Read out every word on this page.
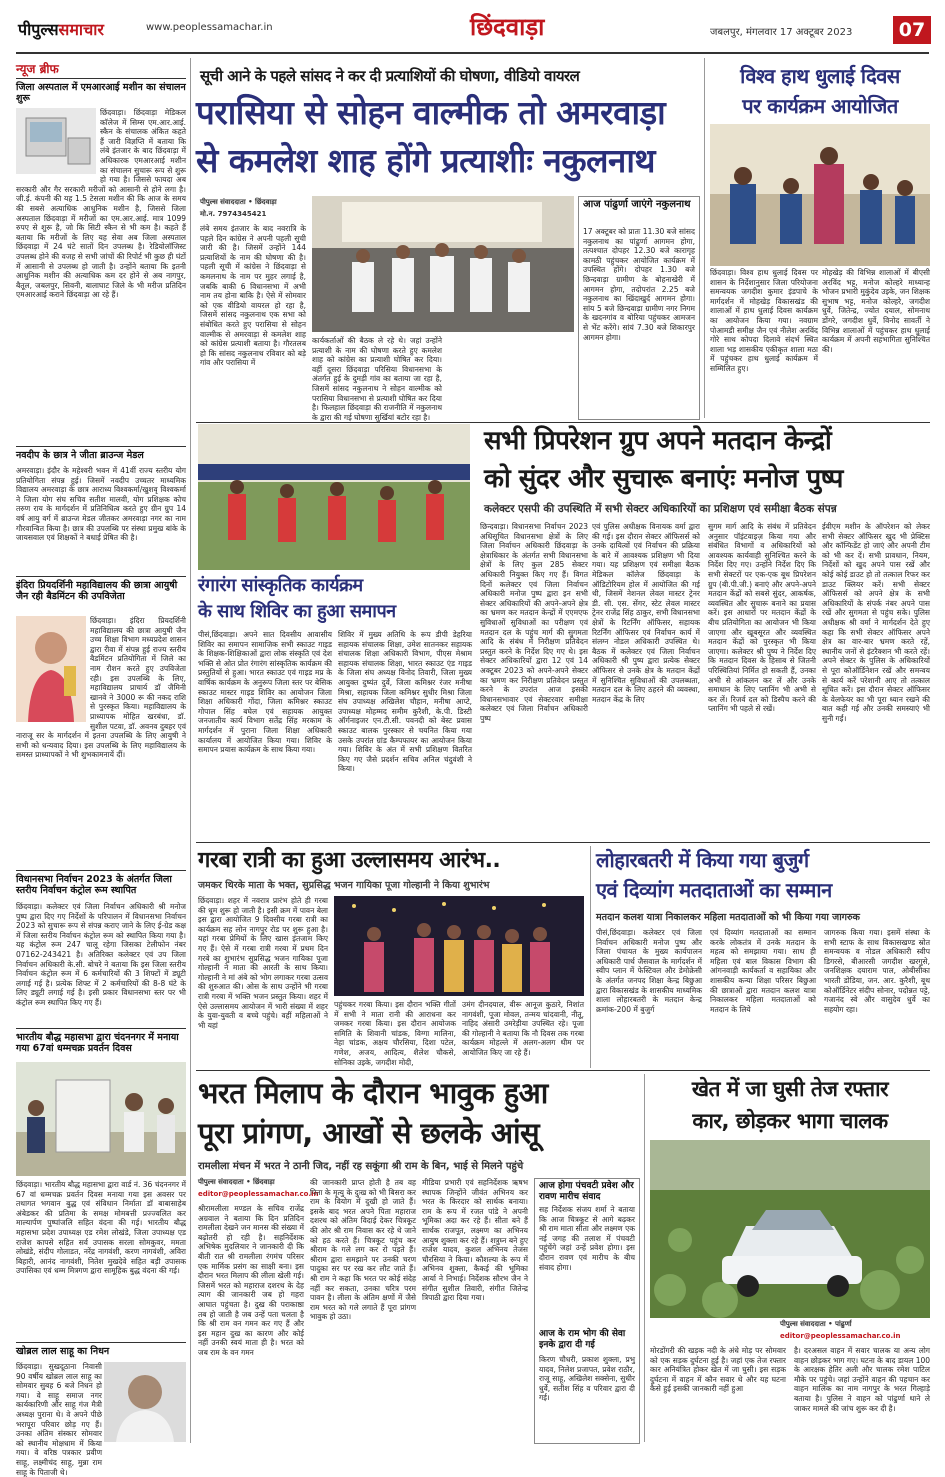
पीपुल्ससमाचार	www.peoplessamachar.in	छिंदवाड़ा	जबलपुर, मंगलवार 17 अक्टूबर 2023	07
न्यूज ब्रीफ
जिला अस्पताल में एमआरआई मशीन का संचालन शुरू
छिंदवाड़ा। छिंदवाड़ा मेडिकल कॉलेज में सिम्स एम.आर.आई. स्कैन के संचालक अंकित कहते हैं जारी विज्ञप्ति में बताया कि लंबे इंतजार के बाद छिंदवाड़ा में अधिकारक एमआरआई मशीन का संचालन सुचारू रूप से शुरू हो गया है। जिससे फायदा अब सरकारी और गैर सरकारी मरीजों को आसानी से होने लगा है। जी.ई. कंपनी की यह 1.5 टेसला मशीन की कि आज के समय की सबसे अत्याधिक आधुनिक मशीन है, जिससे जिला अस्पताल छिंदवाड़ा में मरीजों का एम.आर.आई. मात्र 1099 रुपए से शुरू है, जो कि सिटी स्कैन से भी कम है। कहते हैं बताया कि मरीजों के लिए यह सेवा अब जिला अस्पताल छिंदवाड़ा में 24 घंटे सातों दिन उपलब्ध है। रेडियोलॉजिस्ट उपलब्ध होने की वजह से सभी जांचों की रिपोर्ट भी कुछ ही घंटों में आसानी से उपलब्ध हो जाती है। उन्होंने बताया कि इतनी आधुनिक मशीन की अत्याधिक कम दर होने से अब नागपुर, बैतूल, जबलपुर, सिवनी, बालाघाट जिले के भी मरीज प्रतिदिन एमआरआई कराने छिंदवाड़ा आ रहे हैं।
नवदीप के छात्र ने जीता ब्राउन्ज मेडल
अमरवाड़ा। इंदौर के महेश्वरी भवन में 41वीं राज्य स्तरीय योग प्रतियोगिता संपन्न हुई। जिसमें नवदीप उच्चतर माध्यमिक विद्यालय अमरवाड़ा के छात्र आराध्य विश्वकर्मा/खुशवृ विश्वकर्मा ने जिला योग संघ सचिव सतीश मालवी, योग प्रशिक्षक कोच तरुण राय के मार्गदर्शन में प्रतिनिधित्व करते हुए ग्रीन ग्रुप 14 वर्ष आयु वर्ग में ब्राउन्ज मेडल जीतकर अमरवाड़ा नगर का नाम गौरवान्वित किया है। छात्र की उपलब्धि पर संस्था प्रमुख बांके के जायसवाल एवं शिक्षकों ने बधाई प्रेषित की है।
इंदिरा प्रियदर्शिनी महाविद्यालय की छात्रा आयुषी जैन रही बैडमिंटन की उपविजेता
छिंदवाड़ा। इंदिरा प्रियदर्शिनी महाविद्यालय की छात्रा आयुषी जैन उच्च शिक्षा विभाग मध्यप्रदेश शासन द्वारा रीवा में संपन्न हुई राज्य स्तरीय बैडमिंटन प्रतियोगिता में जिले का नाम रौशन करते हुए उपविजेता रही। इस उपलब्धि के लिए, महाविद्यालय प्राचार्य डॉ जैमिनी खानवे ने 3000 रू की नकद राशि से पुरस्कृत किया। महाविद्यालय के प्राध्यापक मोहित खरबंधा, डॉ. सुशील पटवा, डॉ. अवनव दुबहर एवं नाराजू सर के मार्गदर्शन में इतना उपलब्धि के लिए आयुषी ने सभी को धन्यवाद दिया। इस उपलब्धि के लिए महाविद्यालय के समस्त प्राध्यापकों ने भी शुभकामनायें दीं।
विधानसभा निर्वाचन 2023 के अंतर्गत जिला स्तरीय निर्वाचन कंट्रोल रूम स्थापित
छिंदवाड़ा। कलेक्टर एवं जिला निर्वाचन अधिकारी श्री मनोज पुष्प द्वारा दिए गए निर्देशों के परिपालन में विधानसभा निर्वाचन 2023 को सुचारू रूप से संपन्न कराए जाने के लिए ई-ग्रेड कक्ष में जिला स्तरीय निर्वाचन कंट्रोल रूम को स्थापित किया गया है। यह कंट्रोल रूम 247 चालू रहेगा जिसका टेलीफोन नंबर 07162-243421 है। अतिरिक्त कलेक्टर एवं उप जिला निर्वाचन अधिकारी के.सी. बोचरे ने बताया कि इस जिला स्तरीय निर्वाचन कंट्रोल रूम में 6 कर्मचारियों की 3 शिफ्टों में ड्यूटी लगाई गई है। प्रत्येक शिफ्ट में 2 कर्मचारियों की 8-8 घंटे के लिए ड्यूटी लगाई गई है। इसी प्रकार विधानसभा स्तर पर भी कंट्रोल रूम स्थापित किए गए हैं।
भारतीय बौद्ध महासभा द्वारा चंदननगर में मनाया गया 67वां धम्मचक्र प्रवर्तन दिवस
छिंदवाड़ा। भारतीय बौद्ध महासभा द्वारा वार्ड नं. 36 चंदननगर में 67 वां धम्मचक्र प्रवर्तन दिवस मनाया गया इस अवसर पर तथागत भगवान बुद्ध एवं संविधान निर्माता डॉ बाबासाहेब अंबेडकर की प्रतिमा के समक्ष मोमबत्ती प्रज्ज्वलित कर माल्यार्पण पुष्पांजलि सहित वंदना की गई। भारतीय बौद्ध महासभा प्रदेश उपाध्यक्ष एड रमेश लोखंडे, जिला उपाध्यक्ष एड राजेश कापसे सहित सर्व उपासक सरला सोमकुवर, ममता लोखंडे, संदीप गोलाडत, नरेंद्र नागवंशी, करण नागवंशी, अविरा बिहारी, आनंद नागवंशी, नितेश मुखदेवे सहित बड़ी उपासक उपासिका एवं धम्म मित्रगण द्वारा सामूहिक बुद्ध वंदना की गई।
खोब्रल लाल साहू का निधन
छिंदवाड़ा। सुखदूठाना निवासी 90 वर्षीय खोब्रल लाल साहू का सोमवार सुबह 6 बजे निधन हो गया। वे साहू समाज नगर कार्यकारिणी और साहू गंज मैत्री अध्यक्ष पुराना थे। वे अपने पीछे भरापूरा परिवार छोड़ गए हैं। उनका अंतिम संस्कार सोमवार को स्थानीय मोक्षधाम में किया गया। वे वरिष्ठ पत्रकार प्रवीण साहू, लक्ष्मीचंद साहू, मुन्ना राम साहू के पिताजी थे।
सूची आने के पहले सांसद ने कर दी प्रत्याशियों की घोषणा, वीडियो वायरल
परासिया से सोहन वाल्मीक तो अमरवाड़ा
से कमलेश शाह होंगे प्रत्याशीः नकुलनाथ
पीपुल्स संवाददाता • छिंदवाड़ा
मो.न. 7974345421
लंबे समय इंतजार के बाद नवरात्रि के पहले दिन कांग्रेस ने अपनी पहली सूची जारी की है। जिसमें उन्होंने 144 प्रत्याशियों के नाम की घोषणा की है। पहली सूची में कांग्रेस ने छिंदवाड़ा से कमलनाथ के नाम पर मुहर लगाई है, जबकि बाकी 6 विधानसभा में अभी नाम तय होना बाकि है। ऐसे में सोमवार को एक वीडियो वायरल हो रहा है, जिसमें सांसद नकुलनाथ एक सभा को संबोधित करते हुए परासिया से सोहन वाल्मीक से अमरवाड़ा से कमलेश शाह को कांग्रेस प्रत्याशी बताया है। गौरतलब हो कि सांसद नकुलनाथ रविवार को बड़े गांव और परासिया में
कार्यकर्ताओं की बैठक ले रहे थे। जहां उन्होंने प्रत्याशी के नाम की घोषणा करते हुए कमलेश शाह को कांग्रेस का प्रत्याशी घोषित कर दिया। वहीं दूसरा छिंदवाड़ा परिसिया विधानसभा के अंतर्गत हुई के दुमड़ी गांव का बताया जा रहा है, जिसमें सांसद नकुलनाथ ने सोहन वाल्मीक को परासिया विधानसभा से प्रत्याशी घोषित कर दिया है। फिलहाल छिंदवाड़ा की राजनीति में नकुलनाथ के द्वारा की गई घोषणा सुर्खियां बटोर रहा है।
आज पांढुर्णा जाएंगे नकुलनाथ
17 अक्टूबर को प्रातः 11.30 बजे सांसद नकुलनाथ का पांढुर्णा आगमन होगा, तत्पश्चात दोपहर 12.30 बजे कारागृह कामठी पहुंचकर आयोजित कार्यक्रम में उपस्थित होंगे। दोपहर 1.30 बजे छिन्दवाड़ा ग्रामीण के बोहनाखेरी में आगमन होगा, तदोपरांत 2.25 बजे नकुलनाथ का खिंदाखुर्द आगमन होगा। सांय 5 बजे छिन्दवाड़ा ग्रामीण नगर निगम के खदनगांव व बोरिया पहुंचकर आमजन से भेंट करेंगे। सांयं 7.30 बजे शिकारपुर आगमन होगा।
विश्व हाथ धुलाई दिवस
पर कार्यक्रम आयोजित
छिंदवाड़ा। विश्व हाथ धुलाई दिवस पर शासन के निर्देशानुसार जिला परियोजना समन्वयक जगदीश कुमार इंडपाचे के मार्गदर्शन में मोहखेड़ विकासखंड की शालाओं में हाथ धुलाई दिवस कार्यक्रम का आयोजन किया गया। नवग्राम पोआमडी समीक्ष जैन एवं नीलेश अरविंद गोरे साथ कोपदा दिलावे संदर्भ स्थित शाला भड़ शासकीय एकीकृत शाला मठा में पहुंचकर हाथ धुलाई कार्यक्रम में सम्मिलित हुए।
मोहखेड़ की विभिन्न शालाओं में बीएसी अरविंद भट्ट, मनोज कोल्हरे माध्यान्ह भोजन प्रभारी मुकुंदेव उइके, जन शिक्षक सुभाष भट्ट, मनोज कोल्हरे, जगदीश धुर्वे, जितेन्द्र, ज्योत दयाल, सोमनाथ डोंगरे, जगदीश धुर्वे, विनोद सावर्ती ने विभिन्न शालाओं में पहुंचकर हाथ धुलाई कार्यक्रम में अपनी सहभागिता सुनिश्चित की।
सभी प्रिपरेशन ग्रुप अपने मतदान केन्द्रों
को सुंदर और सुचारू बनाएंः मनोज पुष्प
कलेक्टर एसपी की उपस्थिति में सभी सेक्टर अधिकारियों का प्रशिक्षण एवं समीक्षा बैठक संपन्न
छिन्दवाड़ा। विधानसभा निर्वाचन 2023 अधिसूचित विधानसभा क्षेत्रों के लिए जिला निर्वाचन अधिकारी छिंदवाड़ा के क्षेत्राधिकार के अंतर्गत सभी विधानसभा क्षेत्रों के लिए कुल 285 सेक्टर अधिकारी नियुक्त किए गए हैं। विगत दिनों कलेक्टर एवं जिला निर्वाचन अधिकारी मनोज पुष्प द्वारा इन सभी सेक्टर अधिकारियों की अपने-अपने क्षेत्र का भ्रमण कर मतदान केन्द्रों में एएमएफ सुविधाओं सुविधाओं का परीक्षण एवं मतदान दल के पहुंच मार्ग की सुगमता आदि के संबंध में निरीक्षण प्रतिवेदन प्रस्तुत करने के निर्देश दिए गए थे। इस सेक्टर अधिकारियों द्वारा 12 एवं 14 अक्टूबर 2023 को अपने-अपने सेक्टर का भ्रमण कर निरीक्षण प्रतिवेदन प्रस्तुत करने के उपरांत आज इसकी विधानसभावार एवं सेक्टरवार समीक्षा कलेक्टर एवं जिला निर्वाचन अधिकारी पुष्प
एवं पुलिस अधीक्षक विनायक वर्मा द्वारा की गई। इस दौरान सेक्टर ऑफिसर्स को उनके दायित्वों एवं निर्वाचन की प्रक्रिया के बारे में आवश्यक प्रशिक्षण भी दिया गया। यह प्रशिक्षण एवं समीक्षा बैठक मेडिकल कॉलेज छिंदवाड़ा के ऑडिटोरियम होल में आयोजित की गई थी, जिसमें नेशनल लेवल मास्टर ट्रेनर डी. सी. एस. सेंगर, स्टेट लेवल मास्टर ट्रेनर राजेंद्र सिंह ठाकुर, सभी विधानसभा क्षेत्रों के रिटर्निंग ऑफिसर, सहायक रिटर्निंग ऑफिसर एवं निर्वाचन कार्य में संलग्न नोडल अधिकारी उपस्थित थे। बैठक में कलेक्टर एवं जिला निर्वाचन अधिकारी श्री पुष्प द्वारा प्रत्येक सेक्टर ऑफिसर से उनके क्षेत्र के मतदान केंद्रों में सुनिश्चित सुविधाओं की उपलब्धता, मतदान दल के लिए ठहरने की व्यवस्था, मतदान केंद्र के लिए
सुगम मार्ग आदि के संबंध में प्रतिवेदन अनुसार पॉइंटवाइज़ किया गया और संबंधित विभागों व अधिकारियों को आवश्यक कार्यवाही सुनिश्चित करने के निर्देश दिए गए। उन्होंने निर्देश दिए कि सभी सेक्टरों पर एक-एक बूथ प्रिपरेशन ग्रुप (बी.पी.जी.) बनाएं और अपने-अपने मतदान केंद्रों को सबसे सुंदर, आकर्षक, व्यवस्थित और सुचारू बनाने का प्रयास करें। इस आधारों पर मतदान केंद्रों के बीच प्रतियोगिता का आयोजन भी किया जाएगा और खूबसूरत और व्यवस्थित मतदान केंद्रों को पुरस्कृत भी किया जाएगा। कलेक्टर श्री पुष्प ने निर्देश दिए कि मतदान दिवस के हिसाब से जितनी परिस्थितियां निर्मित हो सकती हैं, उनका अभी से आंकलन कर लें और उनके समाधान के लिए प्लानिंग भी अभी से कर लें। रिजर्व दल को डिस्पैच करने की प्लानिंग भी पहले से रखें।
ईवीएम मशीन के ऑपरेशन को लेकर सभी सेक्टर ऑफिसर खुद भी प्रेक्टिस और कॉन्फिडेंट हो जाएं और अपनी टीम को भी कर दें। सभी प्रावधान, नियम, निर्देशों को खुद अपने पास रखें और कोई कोई डाउट हो तो तत्काल रिफर कर डाउट क्लियर करें। सभी सेक्टर ऑफिसर्स को अपने क्षेत्र के सभी अधिकारियों के संपर्क नंबर अपने पास रखें और सुगमता से पहुंच सके। पुलिस अधीक्षक श्री वर्मा ने मार्गदर्शन देते हुए कहा कि सभी सेक्टर ऑफिसर अपने क्षेत्र का वार-बार भ्रमण करते रहें, स्थानीय जनों से इंटरैक्शन भी करते रहें। अपने सेक्टर के पुलिस के अधिकारियों से पूरा कोऑर्डिनेशन रखें और समन्वय से कार्य करें परेशानी आए तो तत्काल सूचित करें। इस दौरान सेक्टर ऑफिसर के वेलफेयर का भी पूरा ध्यान रखने की बात कही गई और उनकी समस्याएं भी सुनी गईं।
रंगारंग सांस्कृतिक कार्यक्रम
के साथ शिविर का हुआ समापन
पीसं,छिंदवाड़ा। अपने सात दिवसीय आवासीय शिविर का समापन सामाजिक सभी स्काउट गाइड के शिक्षक-शिक्षिकाओं द्वारा लोक संस्कृति एवं देश भक्ति से ओत प्रोत रंगारंग सांस्कृतिक कार्यक्रम की प्रस्तुतियों से हुआ। भारत स्काउट एवं गाइड मप्र के वार्षिक कार्यक्रम के अनुरूप जिला स्तर पर बेसिक स्काउट मास्टर गाइड शिविर का आयोजन जिला शिक्षा अधिकारी गोंदा, जिला कमिश्नर स्काउट गोपाल सिंह बघेल एवं सहायक आयुक्त जनजातीय कार्य विभाग सतेंद्र सिंह मरकाम के मार्गदर्शन में पुराना जिला शिक्षा अधिकारी कार्यालय में आयोजित किया गया। शिविर के समापन प्रयास कार्यक्रम के साथ किया गया।
शिविर में मुख्य अतिथि के रूप डीपी डेहरिया सहायक संचालक शिक्षा, उमेश सातनकर सहायक संचालक शिक्षा अधिकारी विभाग, पीएस मेश्राम सहायक संचालक शिक्षा, भारत स्काउट एंड गाइड के जिला संघ अध्यक्ष विनोद तिवारी, जिला मुख्य आयुक्त दुष्यंत दुर्वे, जिला कमिश्नर रंजर मनीषा मिश्रा, सहायक जिला कमिश्नर सुधीर मिश्रा जिला संघ उपाध्यक्ष अखिलेश चौहान, मनीषा आप्टे, उपाध्यक्ष मोहम्मद समीम कुरैशी, के.पी. डिस्टी ऑर्गनाइजर एन.टी.सी. पवनदी को बेस्ट प्रवास स्काउट बालक पुरस्कार से चयनित किया गया उसके उपरांत ग्रांड कैम्पफायर का आयोजन किया गया। शिविर के अंत में सभी प्रशिक्षण वितरित किए गए जैसे प्रदर्शन सचिव अनिल चंदुवंशी ने किया।
गरबा रात्री का हुआ उल्लासमय आरंभ..
जमकर थिरके माता के भक्त, सुप्रसिद्ध भजन गायिका पूजा गोल्हानी ने किया शुभारंभ
छिंदवाड़ा। शहर में नवरात्र प्रारंभ होते ही गरबा की धूम शुरू हो जाती है। इसी क्रम में पावन बेला इस द्वारा आयोजित 9 दिवसीय गरबा रात्री का कार्यक्रम सह लोन नागपुर रोड पर शुरू हुआ है। यहां गरबा प्रेमियों के लिए खास इंतजाम किए गए हैं। ऐसे में गरबा रात्री गरबा में प्रथम दिन गरबे का शुभारंभ सुप्रसिद्ध भजन गायिका पूजा गोल्हानी ने माता की आरती के साथ किया। गोल्हानी ने मां अंबे को भोग लगाकर गरबा उत्सव की शुरुआत की। ओस के साथ उन्होंने भी गरबा रात्री गरबा में भक्ति भजन प्रस्तुत किया। शहर में ऐसे उल्लासमय आयोजन में भारी संख्या में शहर के युवा-युवती व बच्चे पहुंचे। वहीं महिलाओं ने भी यहां
पहुंचकर गरबा किया। इस दौरान भक्ति गीतों में सभी ने माता रानी की आराधना कर जमकर गरबा किया। इस दौरान आयोजक समिति के शिवानी चांडक, विग्गा मालिना, नेहा चांडक, अक्षय चौरसिया, दिशा पटेल, गणेश, अजय, आदित्य, शैलेश चौकसे, सोनिका उइके, जगदीश मोदी,
उमंग दीनदयाल, वीरू आनूज कुठारे, निशांत नागवंशी, पूजा मोवल, तन्मय चांदवानी, नीतू, नाहिद अंसारी उमरेड़ीया उपस्थित रहे। पूजा की गोल्हानी ने बताया कि नौ दिवस तक गरबा कार्यक्रम मोहल्ले में अलग-अलग थीम पर आयोजित किए जा रहे हैं।
लोहारबतरी में किया गया बुजुर्ग
एवं दिव्यांग मतदाताओं का सम्मान
मतदान कलश यात्रा निकालकर महिला मतदाताओं को भी किया गया जागरुक
पीसं,छिंदवाड़ा। कलेक्टर एवं जिला निर्वाचन अधिकारी मनोज पुष्प और जिला पंचायत के मुख्य कार्यपालन अधिकारी पार्थ जैसवाल के मार्गदर्शन में स्वीप प्लान में फेस्टिवल और डेमोक्रेसी के अंतर्गत जनपद शिक्षा केन्द्र बिछुआ द्वारा विकासखंड के शासकीय माध्यमिक शाला लोहारबतरी के मतदान केन्द्र क्रमांक-200 में बुजुर्ग
एवं दिव्यांग मतदाताओं का सम्मान करके लोकतंत्र में उनके मतदान के महत्व को समझाया गया। साथ ही महिला एवं बाल विकास विभाग की आंगनवाड़ी कार्यकर्ता व सहायिका और शासकीय कन्या शिक्षा परिसर बिछुआ की छात्राओं द्वारा मतदान कलश यात्रा निकालकर महिला मतदाताओं को मतदान के लिये
जागरुक किया गया। इसमें संस्था के सभी स्टाफ के साथ विकासखण्ड स्रोत समन्वयक व नोडल अधिकारी स्वीप डिगरसे, बीआरसी जगदीश खरगुसे, जनशिक्षक दयाराम पाल, ओबीसीका भारती डोडिया, जन. आर. कुरैशी, बूथ कोऑर्डिनेटर संदीप सोनार, पदोन्नत पट्टे, गजानंद स्वे और वासुदेव धुर्वे का सहयोग रहा।
भरत मिलाप के दौरान भावुक हुआ
पूरा प्रांगण, आखों से छलके आंसू
रामलीला मंचन में भरत ने ठानी जिद, नहीं रह सकूंगा श्री राम के बिन, भाई से मिलने पहुंचे
पीपुल्स संवाददाता • छिंदवाड़ा
editor@peoplessamachar.co.in
श्रीरामलीला मण्डल के सचिव राजेंद्र अग्रवाल ने बताया कि दिन प्रतिदिन रामलीला देखने जन मानस की संख्या में बढ़ोतरी हो रही है। सहनिर्देशक अभिषेक मुदलियार ने जानकारी दी कि बीती रात श्री रामलीला रंगमंच परिसर एक मार्मिक प्रसंग का साक्षी बना। इस दौरान भरत मिलाप की लीला खेली गई। जिसमें भरत को महाराज दशरथ के देह त्याग की जानकारी जब हो गहरा आघात पहुंचता है। दुख की पराकाष्ठा तब हो जाती है जब उन्हें पता चलता है कि श्री राम वन गमन कर गए हैं और इस महान दुख का कारण और कोई नहीं उनकी स्वयं माता ही है। भरत को जब राम के वन गमन
की जानकारी प्राप्त होती है तब वह पिता के मृत्यु के दुःख को भी बिसरा कर राम के वियोग में दुखी हो जाते हैं। इसके बाद भरत अपने पिता महाराज दशरथ को अंतिम विदाई देकर चित्रकूट की ओर श्री राम निवास कर रहे थे जाने को हठ करते हैं। चित्रकूट पहुंच कर श्रीराम के गले लग कर रो पड़ते हैं। श्रीराम द्वारा समझाने पर उनकी चरण पादुका सर पर रख कर लौट जाते हैं। श्री राम ने कहा कि भरत पर कोई संदेह नहीं कर सकता, उनका चरित्र परम पावन है। लीला के अंतिम क्षणों में जैसे राम भरत को गले लगाते हैं पूरा प्रांगण भावुक हो उठा।
मीडिया प्रभारी एवं सहनिर्देशक ऋषभ स्थापक जिन्होंने जीवंत अभिनय कर भरत के किरदार को सार्थक बनाया। राम के रूप में रजत पांडे ने अपनी भूमिका अदा कर रहे हैं। सीता बने हैं सार्थक राजपूत, लक्ष्मण का अभिनय आयुष शुक्ला कर रहे हैं। शत्रुघ्न बने हुए राजेश यादव, कुशल अभिनय तेजस चौरसिया ने किया। कौशल्या के रूप में अभिनव शुक्ला, कैकई की भूमिका आर्या ने निभाई। निर्देशक सौरभ जैन ने संगीत सुशील तिवारी, संगीत जितेन्द्र त्रिपाठी द्वारा दिया गया।
आज होगा पंचवटी प्रवेश और रावण मारीच संवाद
सह निर्देशक संजय शर्मा ने बताया कि आज चित्रकूट से आगे बढ़कर श्री राम माता सीता और लक्ष्मण एक नई जगह की तलाश में पंचवटी पहुंचेंगे जहां उन्हें प्रवेश होगा। इस दौरान रावण एवं मारीच के बीच संवाद होगा।
आज के राम भोग की सेवा इनके द्वारा दी गई
किरण चौधरी, प्रकाश शुक्ला, प्रभु यादव, निलेश प्रजापत, प्रवेश राठौर, राजू साहू, अखिलेश सक्सेना, सुधीर धुर्वे, सतीश सिंह व परिवार द्वारा दी गई।
खेत में जा घुसी तेज रफ्तार
कार, छोड़कर भागा चालक
पीपुल्स संवाददाता • पांढुर्णा
editor@peoplessamachar.co.in
मोरडोंगरी की खड़क नदी के अंधे मोड़ पर सोमवार को एक सड़क दुर्घटना हुई है। जहां एक तेज रफ्तार कार अनियंत्रित होकर खेत में जा घुसी। इस सड़क दुर्घटना में वाहन में कौन सवार थे और यह घटना कैसे हुई इसकी जानकारी नहीं हुआ
है। दरअसल वाहन में सवार चालक या अन्य लोग वाहन छोड़कर भाग गए। घटना के बाद डायल 100 के आरक्षक हेतिर अली और चालक रमेश पाटिल मौके पर पहुंचे। जहां उन्होंने वाहन की पहचान कर वाहन मालिक का नाम नागपुर के भरत गिल्हाड़े बताया है। पुलिस ने वाहन को पांढुर्णा थाने ले जाकर मामले की जांच शुरू कर दी है।
